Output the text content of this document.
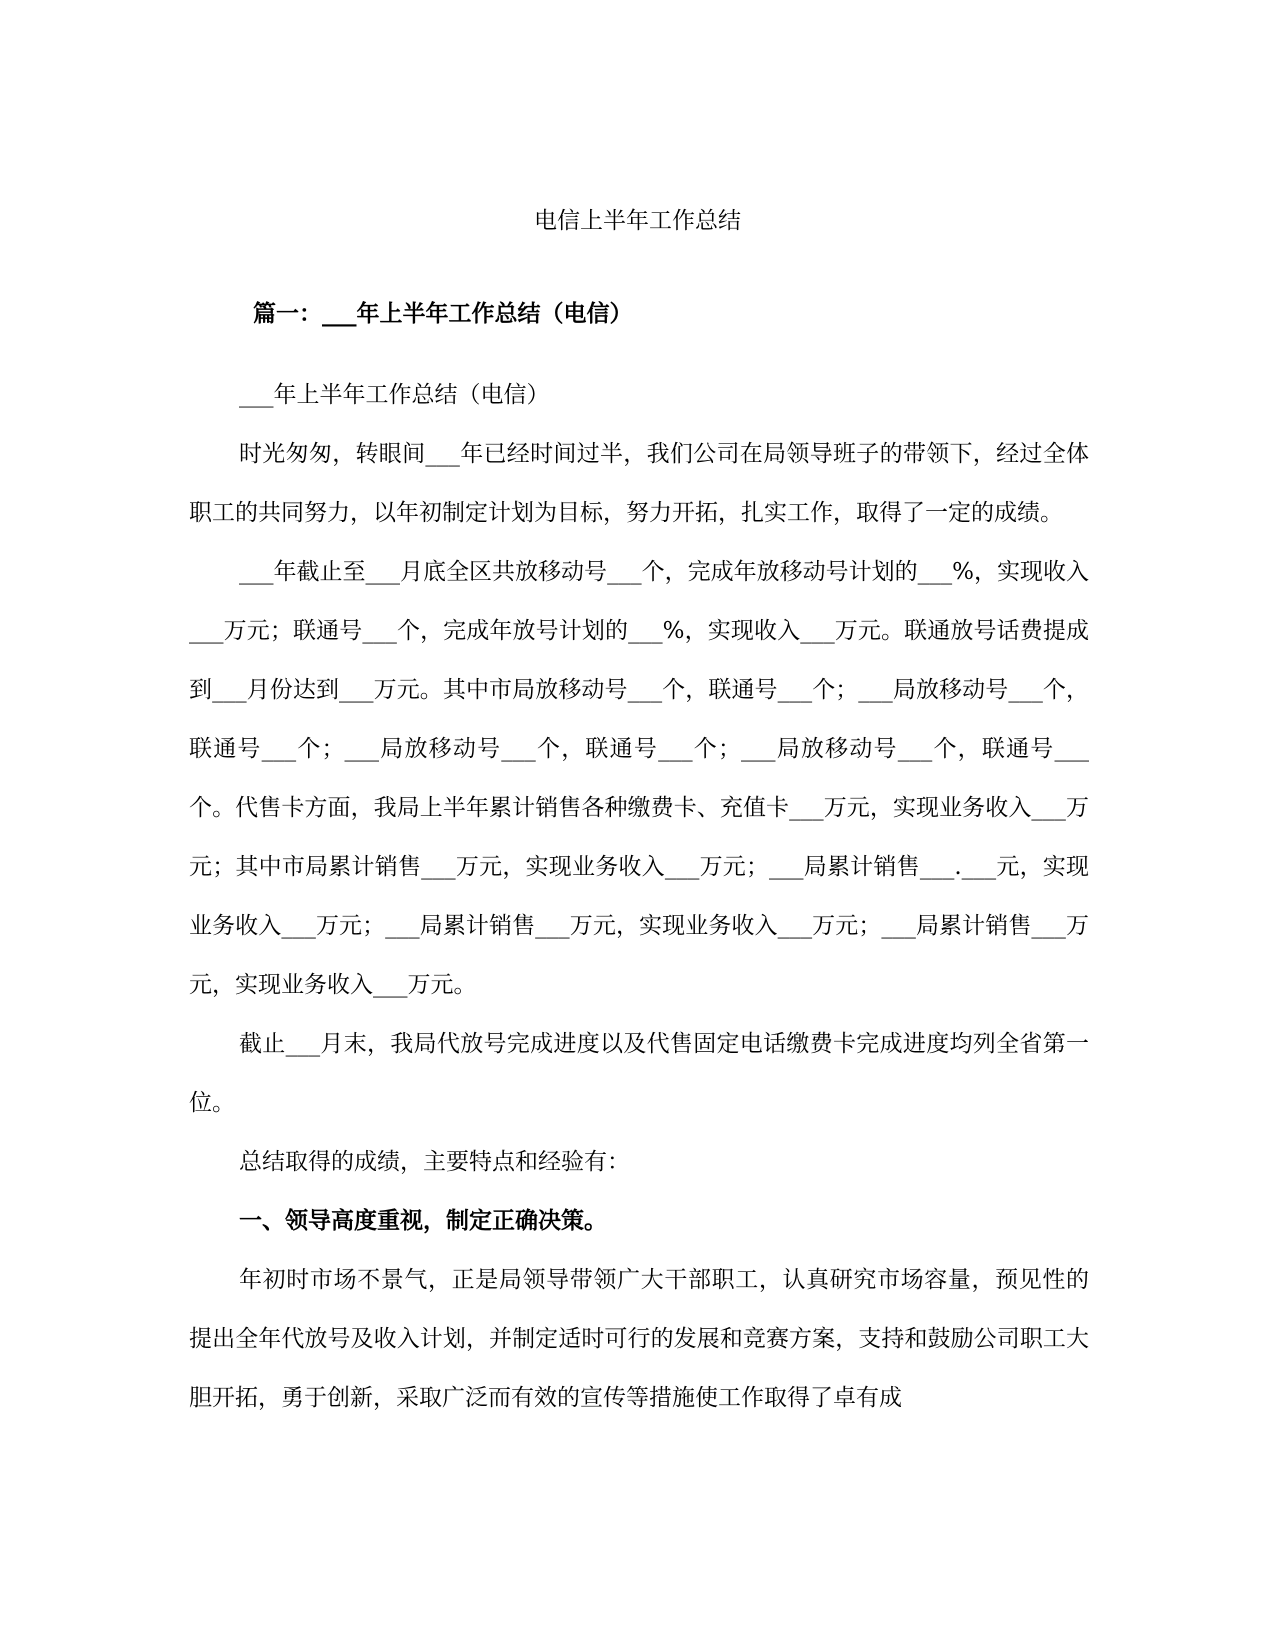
电信上半年工作总结
篇一：___年上半年工作总结（电信）

___年上半年工作总结（电信）

时光匆匆，转眼间___年已经时间过半，我们公司在局领导班子的带领下，经过全体职工的共同努力，以年初制定计划为目标，努力开拓，扎实工作，取得了一定的成绩。

___年截止至___月底全区共放移动号___个，完成年放移动号计划的___%，实现收入___万元；联通号___个，完成年放号计划的___%，实现收入___万元。联通放号话费提成到___月份达到___万元。其中市局放移动号___个，联通号___个；___局放移动号___个，联通号___个；___局放移动号___个，联通号___个；___局放移动号___个，联通号___个。代售卡方面，我局上半年累计销售各种缴费卡、充值卡___万元，实现业务收入___万元；其中市局累计销售___万元，实现业务收入___万元；___局累计销售___.___元，实现业务收入___万元；___局累计销售___万元，实现业务收入___万元；___局累计销售___万元，实现业务收入___万元。

截止___月末，我局代放号完成进度以及代售固定电话缴费卡完成进度均列全省第一位。

总结取得的成绩，主要特点和经验有：

一、领导高度重视，制定正确决策。

年初时市场不景气，正是局领导带领广大干部职工，认真研究市场容量，预见性的提出全年代放号及收入计划，并制定适时可行的发展和竞赛方案，支持和鼓励公司职工大胆开拓，勇于创新，采取广泛而有效的宣传等措施使工作取得了卓有成
